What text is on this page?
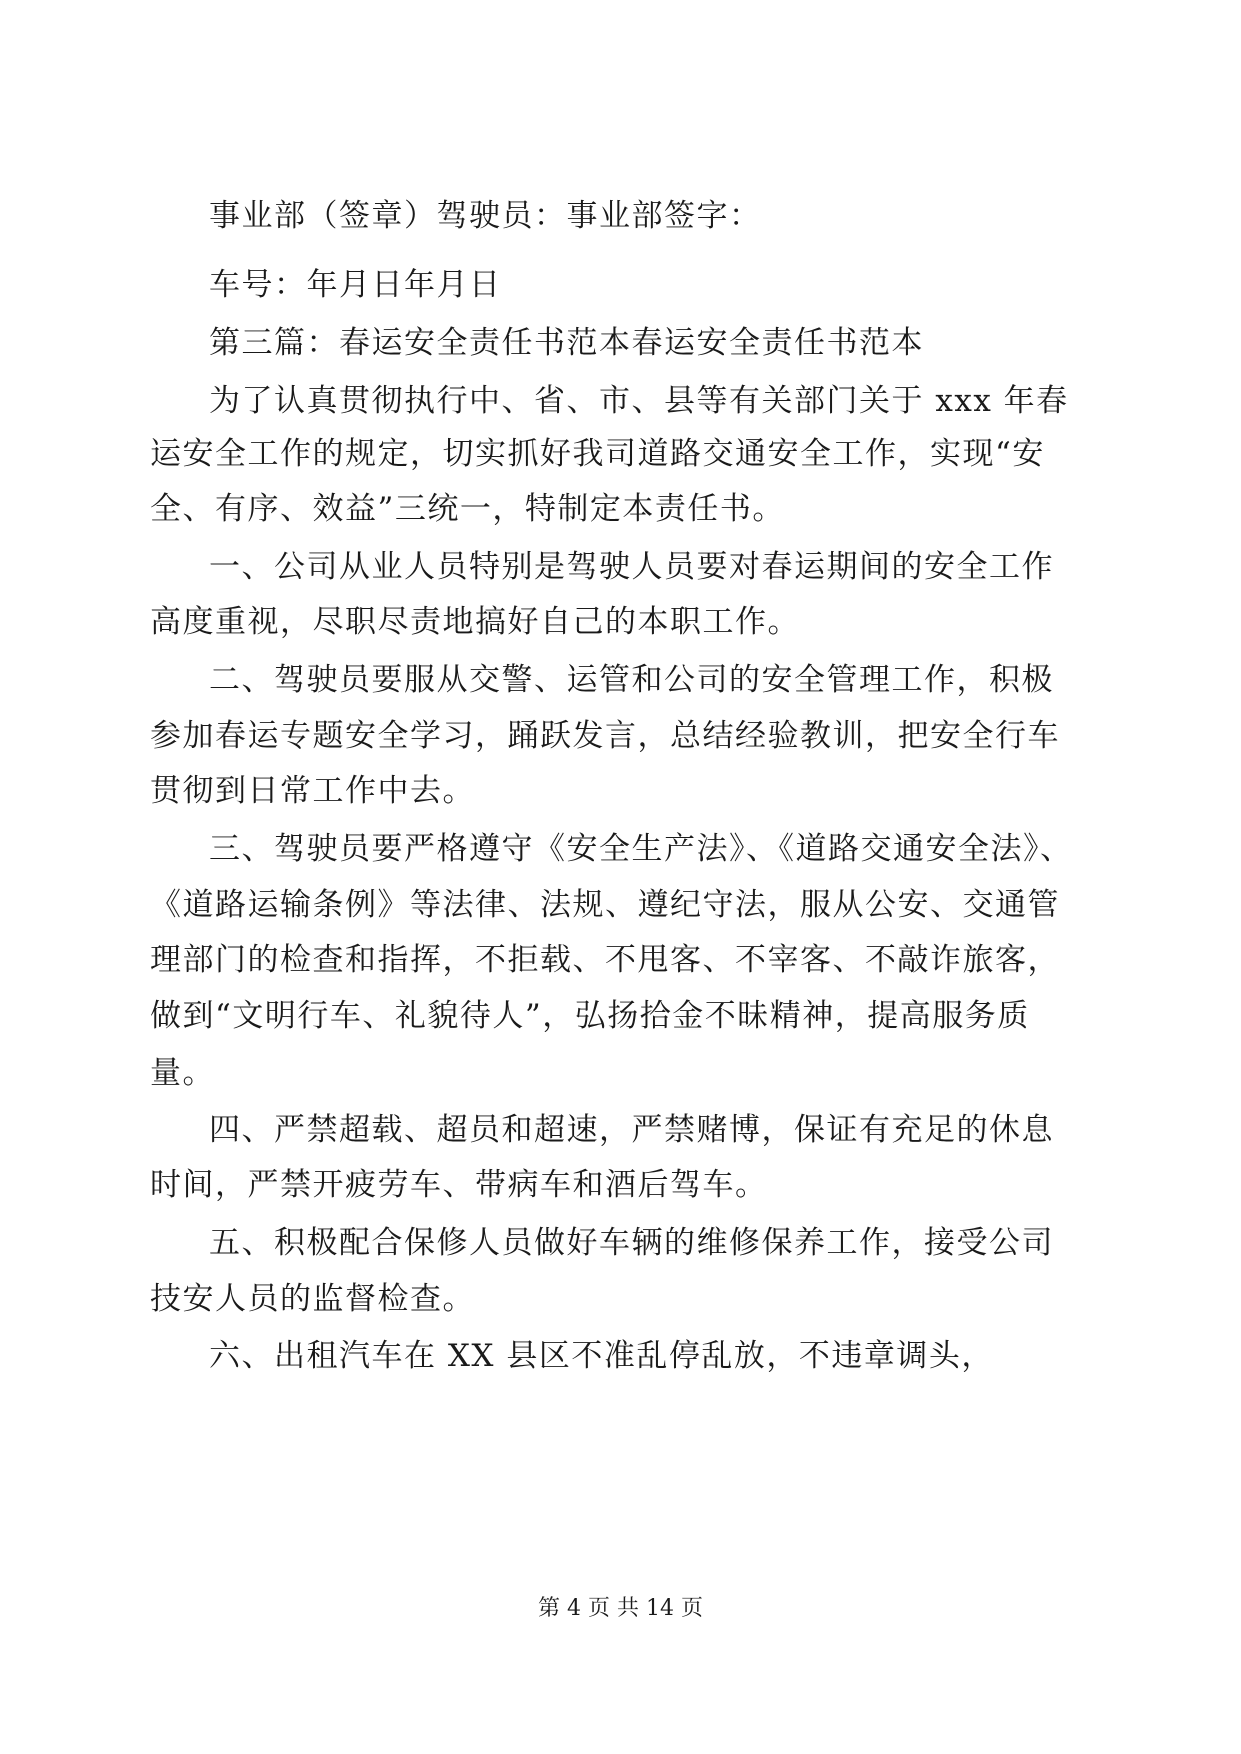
事业部（签章）驾驶员：事业部签字：
车号：年月日年月日
第三篇：春运安全责任书范本春运安全责任书范本
为了认真贯彻执行中、省、市、县等有关部门关于 xxx 年春
运安全工作的规定，切实抓好我司道路交通安全工作，实现“安
全、有序、效益”三统一，特制定本责任书。
一、公司从业人员特别是驾驶人员要对春运期间的安全工作
高度重视，尽职尽责地搞好自己的本职工作。
二、驾驶员要服从交警、运管和公司的安全管理工作，积极
参加春运专题安全学习，踊跃发言，总结经验教训，把安全行车
贯彻到日常工作中去。
三、驾驶员要严格遵守《安全生产法》、《道路交通安全法》、
《道路运输条例》等法律、法规、遵纪守法，服从公安、交通管
理部门的检查和指挥，不拒载、不甩客、不宰客、不敲诈旅客，
做到“文明行车、礼貌待人”，弘扬拾金不昧精神，提高服务质
量。
四、严禁超载、超员和超速，严禁赌博，保证有充足的休息
时间，严禁开疲劳车、带病车和酒后驾车。
五、积极配合保修人员做好车辆的维修保养工作，接受公司
技安人员的监督检查。
六、出租汽车在 XX 县区不准乱停乱放，不违章调头，
第 4 页 共 14 页
